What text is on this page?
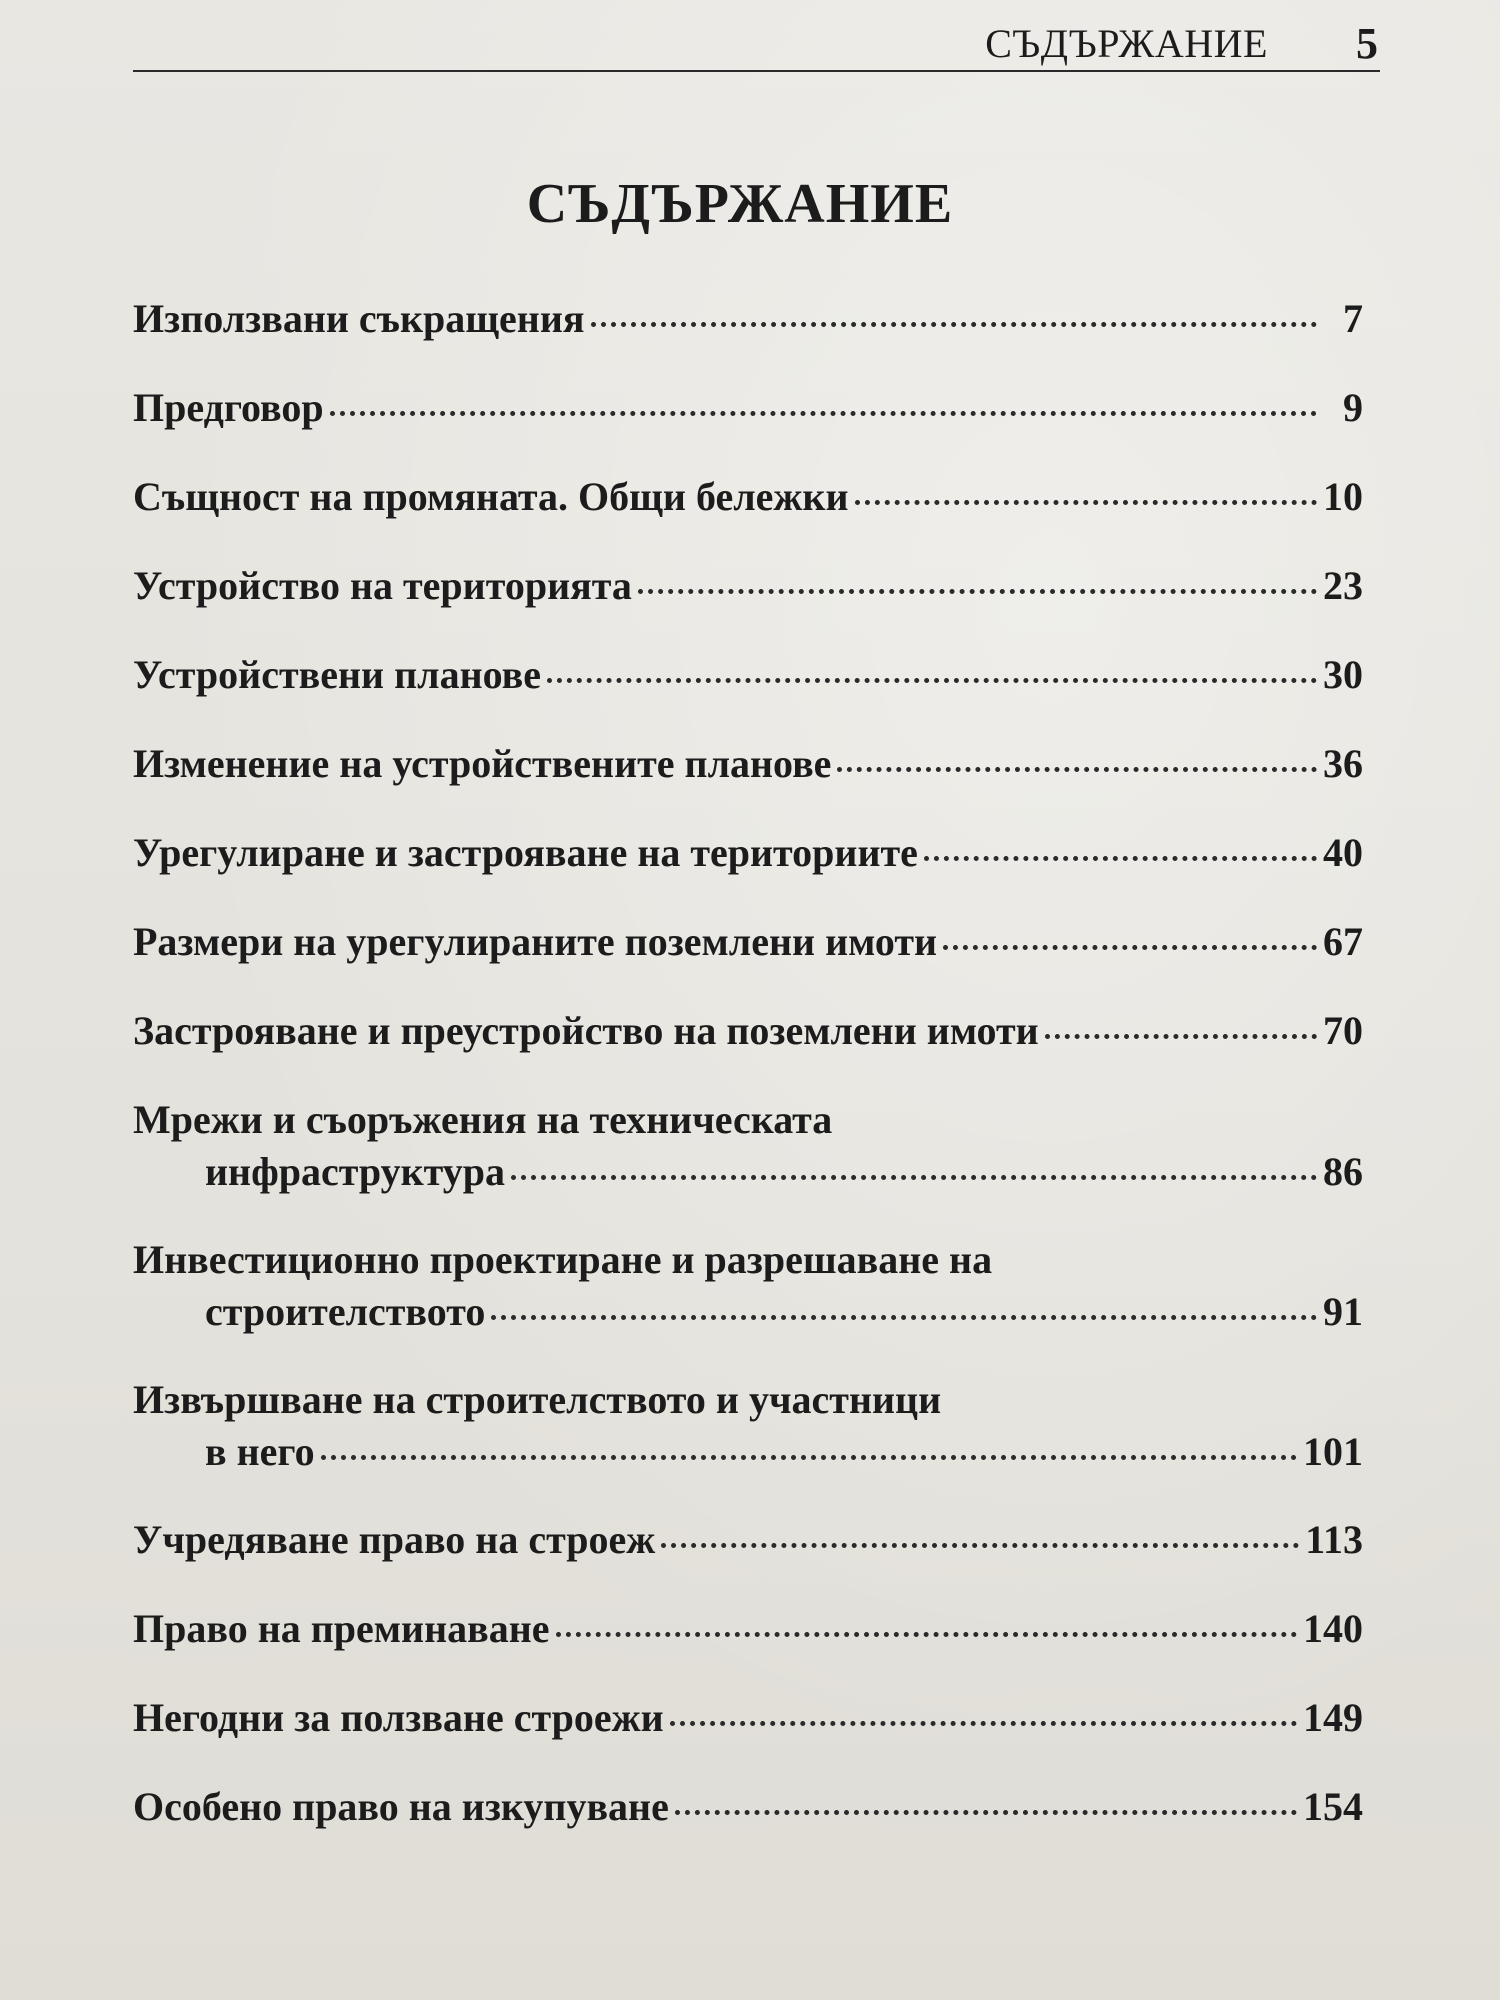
СЪДЪРЖАНИЕ 5
СЪДЪРЖАНИЕ
Използвани съкращения	7
Предговор	9
Същност на промяната. Общи бележки	10
Устройство на територията	23
Устройствени планове	30
Изменение на устройствените планове	36
Урегулиране и застрояване на териториите	40
Размери на урегулираните поземлени имоти	67
Застрояване и преустройство на поземлени имоти	70
Мрежи и съоръжения на техническата
инфраструктура	86
Инвестиционно проектиране и разрешаване на
строителството	91
Извършване на строителството и участници
в него	101
Учредяване право на строеж	113
Право на преминаване	140
Негодни за ползване строежи	149
Особено право на изкупуване	154
